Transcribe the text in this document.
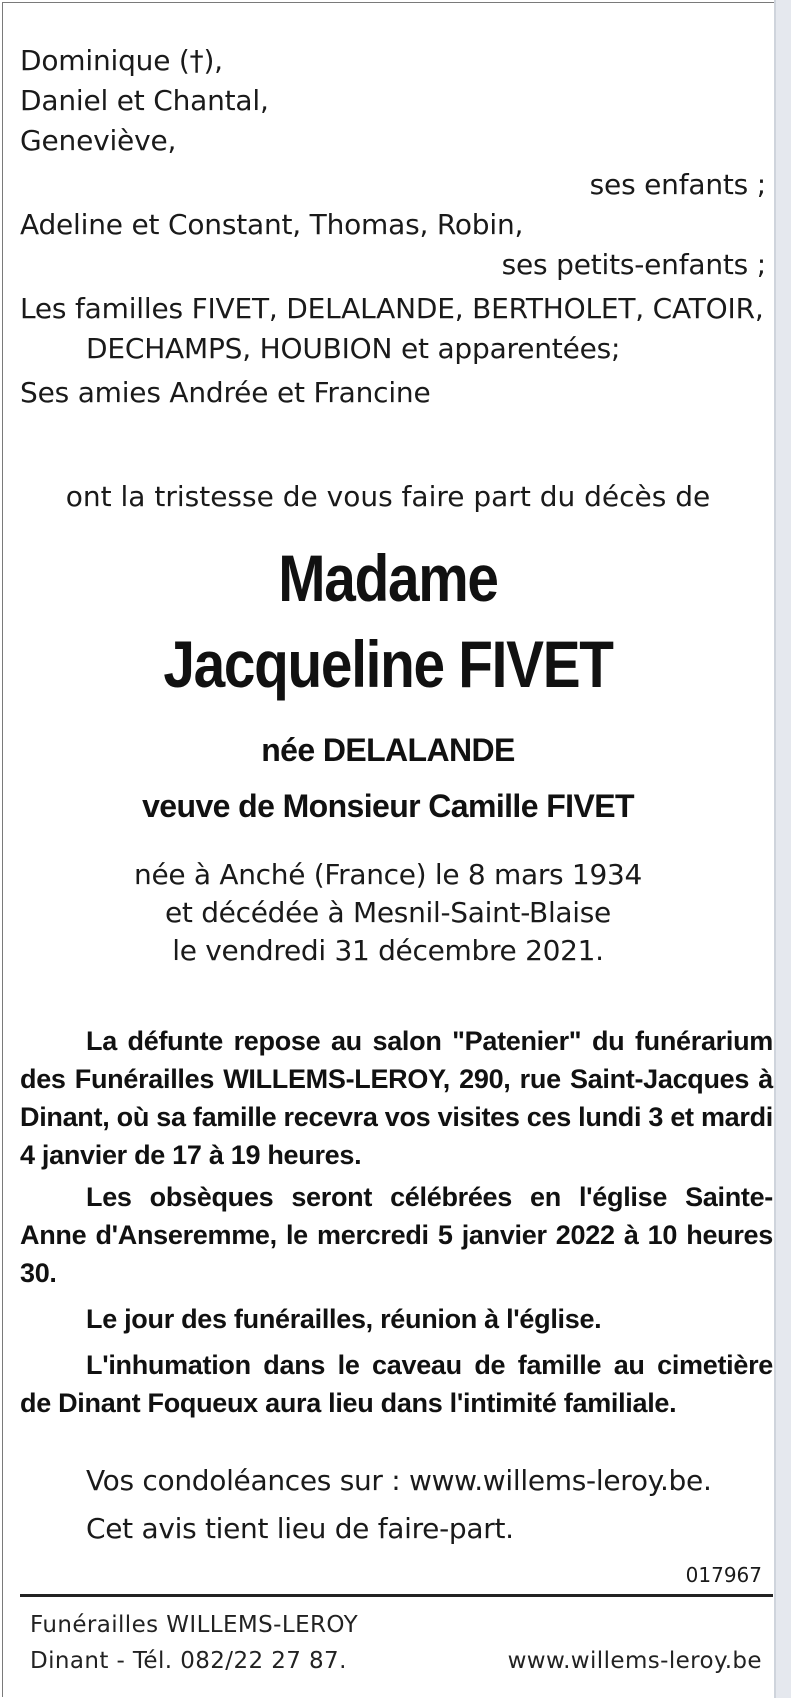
Dominique (†),
Daniel et Chantal,
Geneviève,
ses enfants ;
Adeline et Constant, Thomas, Robin,
ses petits-enfants ;
Les familles FIVET, DELALANDE, BERTHOLET, CATOIR,
DECHAMPS, HOUBION et apparentées;
Ses amies Andrée et Francine
ont la tristesse de vous faire part du décès de
Madame
Jacqueline FIVET
née DELALANDE
veuve de Monsieur Camille FIVET
née à Anché (France) le 8 mars 1934
et décédée à Mesnil-Saint-Blaise
le vendredi 31 décembre 2021.
La défunte repose au salon "Patenier" du funérarium des Funérailles WILLEMS-LEROY, 290, rue Saint-Jacques à Dinant, où sa famille recevra vos visites ces lundi 3 et mardi 4 janvier de 17 à 19 heures.
Les obsèques seront célébrées en l'église Sainte-Anne d'Anseremme, le mercredi 5 janvier 2022 à 10 heures 30.
Le jour des funérailles, réunion à l'église.
L'inhumation dans le caveau de famille au cimetière de Dinant Foqueux aura lieu dans l'intimité familiale.
Vos condoléances sur : www.willems-leroy.be.
Cet avis tient lieu de faire-part.
017967
Funérailles WILLEMS-LEROY
Dinant - Tél. 082/22 27 87.	www.willems-leroy.be
